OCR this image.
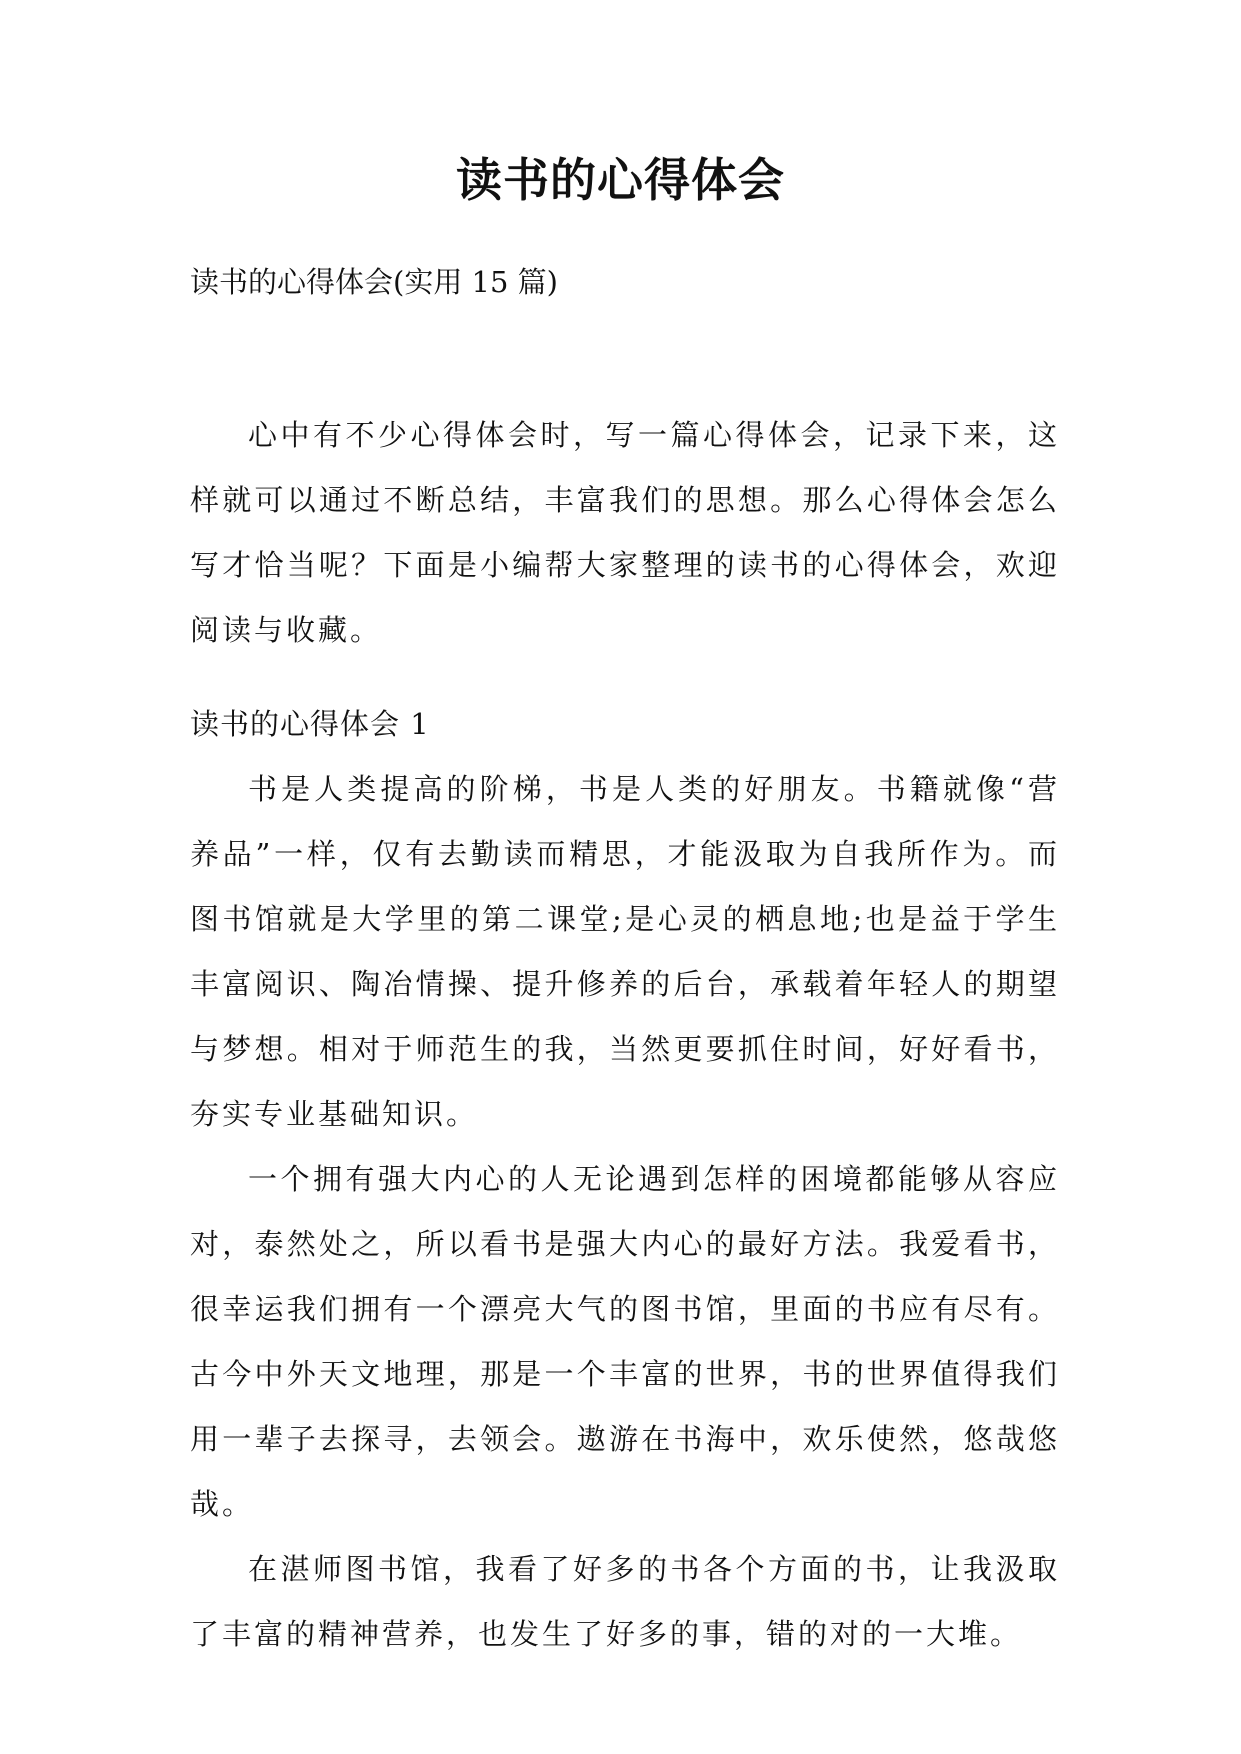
读书的心得体会
读书的心得体会(实用 15 篇)

心中有不少心得体会时，写一篇心得体会，记录下来，这样就可以通过不断总结，丰富我们的思想。那么心得体会怎么写才恰当呢？下面是小编帮大家整理的读书的心得体会，欢迎阅读与收藏。

读书的心得体会 1

书是人类提高的阶梯，书是人类的好朋友。书籍就像“营养品”一样，仅有去勤读而精思，才能汲取为自我所作为。而图书馆就是大学里的第二课堂;是心灵的栖息地;也是益于学生丰富阅识、陶冶情操、提升修养的后台，承载着年轻人的期望与梦想。相对于师范生的我，当然更要抓住时间，好好看书，夯实专业基础知识。

一个拥有强大内心的人无论遇到怎样的困境都能够从容应对，泰然处之，所以看书是强大内心的最好方法。我爱看书，很幸运我们拥有一个漂亮大气的图书馆，里面的书应有尽有。古今中外天文地理，那是一个丰富的世界，书的世界值得我们用一辈子去探寻，去领会。遨游在书海中，欢乐使然，悠哉悠哉。

在湛师图书馆，我看了好多的书各个方面的书，让我汲取了丰富的精神营养，也发生了好多的事，错的对的一大堆。
